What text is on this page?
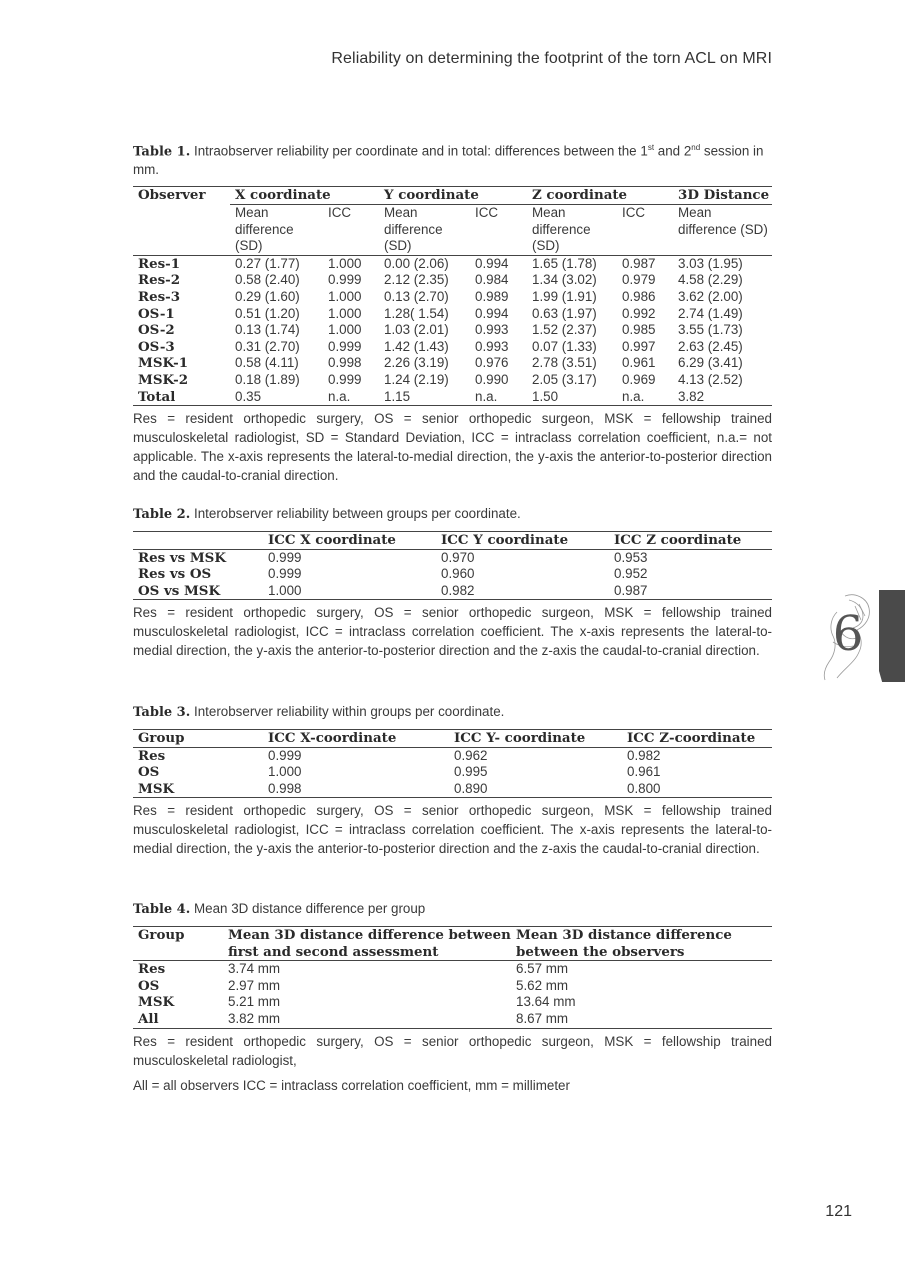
Reliability on determining the footprint of the torn ACL on MRI
6

Table 1. Intraobserver reliability per coordinate and in total: differences between the 1st and 2nd session in mm.

Observer	X coordinate		Y coordinate		Z coordinate		3D Distance
	Mean difference (SD)	ICC	Mean difference (SD)	ICC	Mean difference (SD)	ICC	Mean difference (SD)
Res-1	0.27 (1.77)	1.000	0.00 (2.06)	0.994	1.65 (1.78)	0.987	3.03 (1.95)
Res-2	0.58 (2.40)	0.999	2.12 (2.35)	0.984	1.34 (3.02)	0.979	4.58 (2.29)
Res-3	0.29 (1.60)	1.000	0.13 (2.70)	0.989	1.99 (1.91)	0.986	3.62 (2.00)
OS-1	0.51 (1.20)	1.000	1.28( 1.54)	0.994	0.63 (1.97)	0.992	2.74 (1.49)
OS-2	0.13 (1.74)	1.000	1.03 (2.01)	0.993	1.52 (2.37)	0.985	3.55 (1.73)
OS-3	0.31 (2.70)	0.999	1.42 (1.43)	0.993	0.07 (1.33)	0.997	2.63 (2.45)
MSK-1	0.58 (4.11)	0.998	2.26 (3.19)	0.976	2.78 (3.51)	0.961	6.29 (3.41)
MSK-2	0.18 (1.89)	0.999	1.24 (2.19)	0.990	2.05 (3.17)	0.969	4.13 (2.52)
Total	0.35	n.a.	1.15	n.a.	1.50	n.a.	3.82

Res = resident orthopedic surgery, OS = senior orthopedic surgeon, MSK = fellowship trained musculoskeletal radiologist, SD = Standard Deviation, ICC = intraclass correlation coefficient, n.a.= not applicable. The x-axis represents the lateral-to-medial direction, the y-axis the anterior-to-posterior direction and the caudal-to-cranial direction.

Table 2. Interobserver reliability between groups per coordinate.

	ICC X coordinate	ICC Y coordinate	ICC Z coordinate
Res vs MSK	0.999	0.970	0.953
Res vs OS	0.999	0.960	0.952
OS vs MSK	1.000	0.982	0.987

Res = resident orthopedic surgery, OS = senior orthopedic surgeon, MSK = fellowship trained musculoskeletal radiologist, ICC = intraclass correlation coefficient. The x-axis represents the lateral-to-medial direction, the y-axis the anterior-to-posterior direction and the z-axis the caudal-to-cranial direction.

Table 3. Interobserver reliability within groups per coordinate.

Group	ICC X-coordinate	ICC Y- coordinate	ICC Z-coordinate
Res	0.999	0.962	0.982
OS	1.000	0.995	0.961
MSK	0.998	0.890	0.800

Res = resident orthopedic surgery, OS = senior orthopedic surgeon, MSK = fellowship trained musculoskeletal radiologist, ICC = intraclass correlation coefficient. The x-axis represents the lateral-to-medial direction, the y-axis the anterior-to-posterior direction and the z-axis the caudal-to-cranial direction.

Table 4. Mean 3D distance difference per group

Group	Mean 3D distance difference between first and second assessment	Mean 3D distance difference between the observers
Res	3.74 mm	6.57 mm
OS	2.97 mm	5.62 mm
MSK	5.21 mm	13.64 mm
All	3.82 mm	8.67 mm

Res = resident orthopedic surgery, OS = senior orthopedic surgeon, MSK = fellowship trained musculoskeletal radiologist,

All = all observers ICC = intraclass correlation coefficient, mm = millimeter

121
